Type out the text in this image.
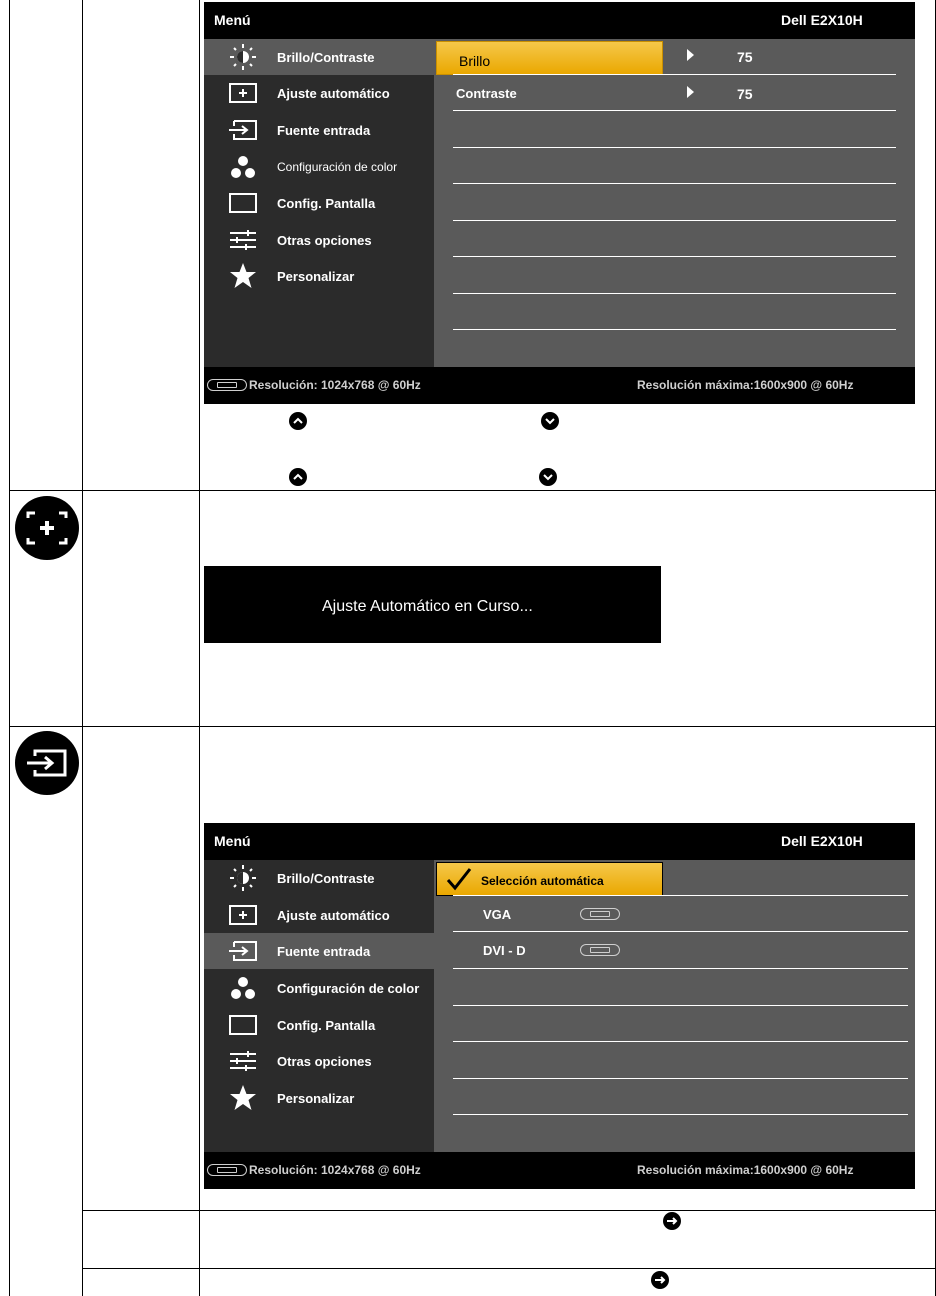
Menú	Dell E2X10H
Brillo/Contraste
Ajuste automático
Fuente entrada
Configuración de color
Config. Pantalla
Otras opciones
Personalizar
Brillo	75
Contraste	75
Resolución: 1024x768 @ 60Hz	Resolución máxima:1600x900 @ 60Hz
Ajuste Automático en Curso...
Menú	Dell E2X10H
Brillo/Contraste
Ajuste automático
Fuente entrada
Configuración de color
Config. Pantalla
Otras opciones
Personalizar
Selección automática
VGA
DVI - D
Resolución: 1024x768 @ 60Hz	Resolución máxima:1600x900 @ 60Hz
